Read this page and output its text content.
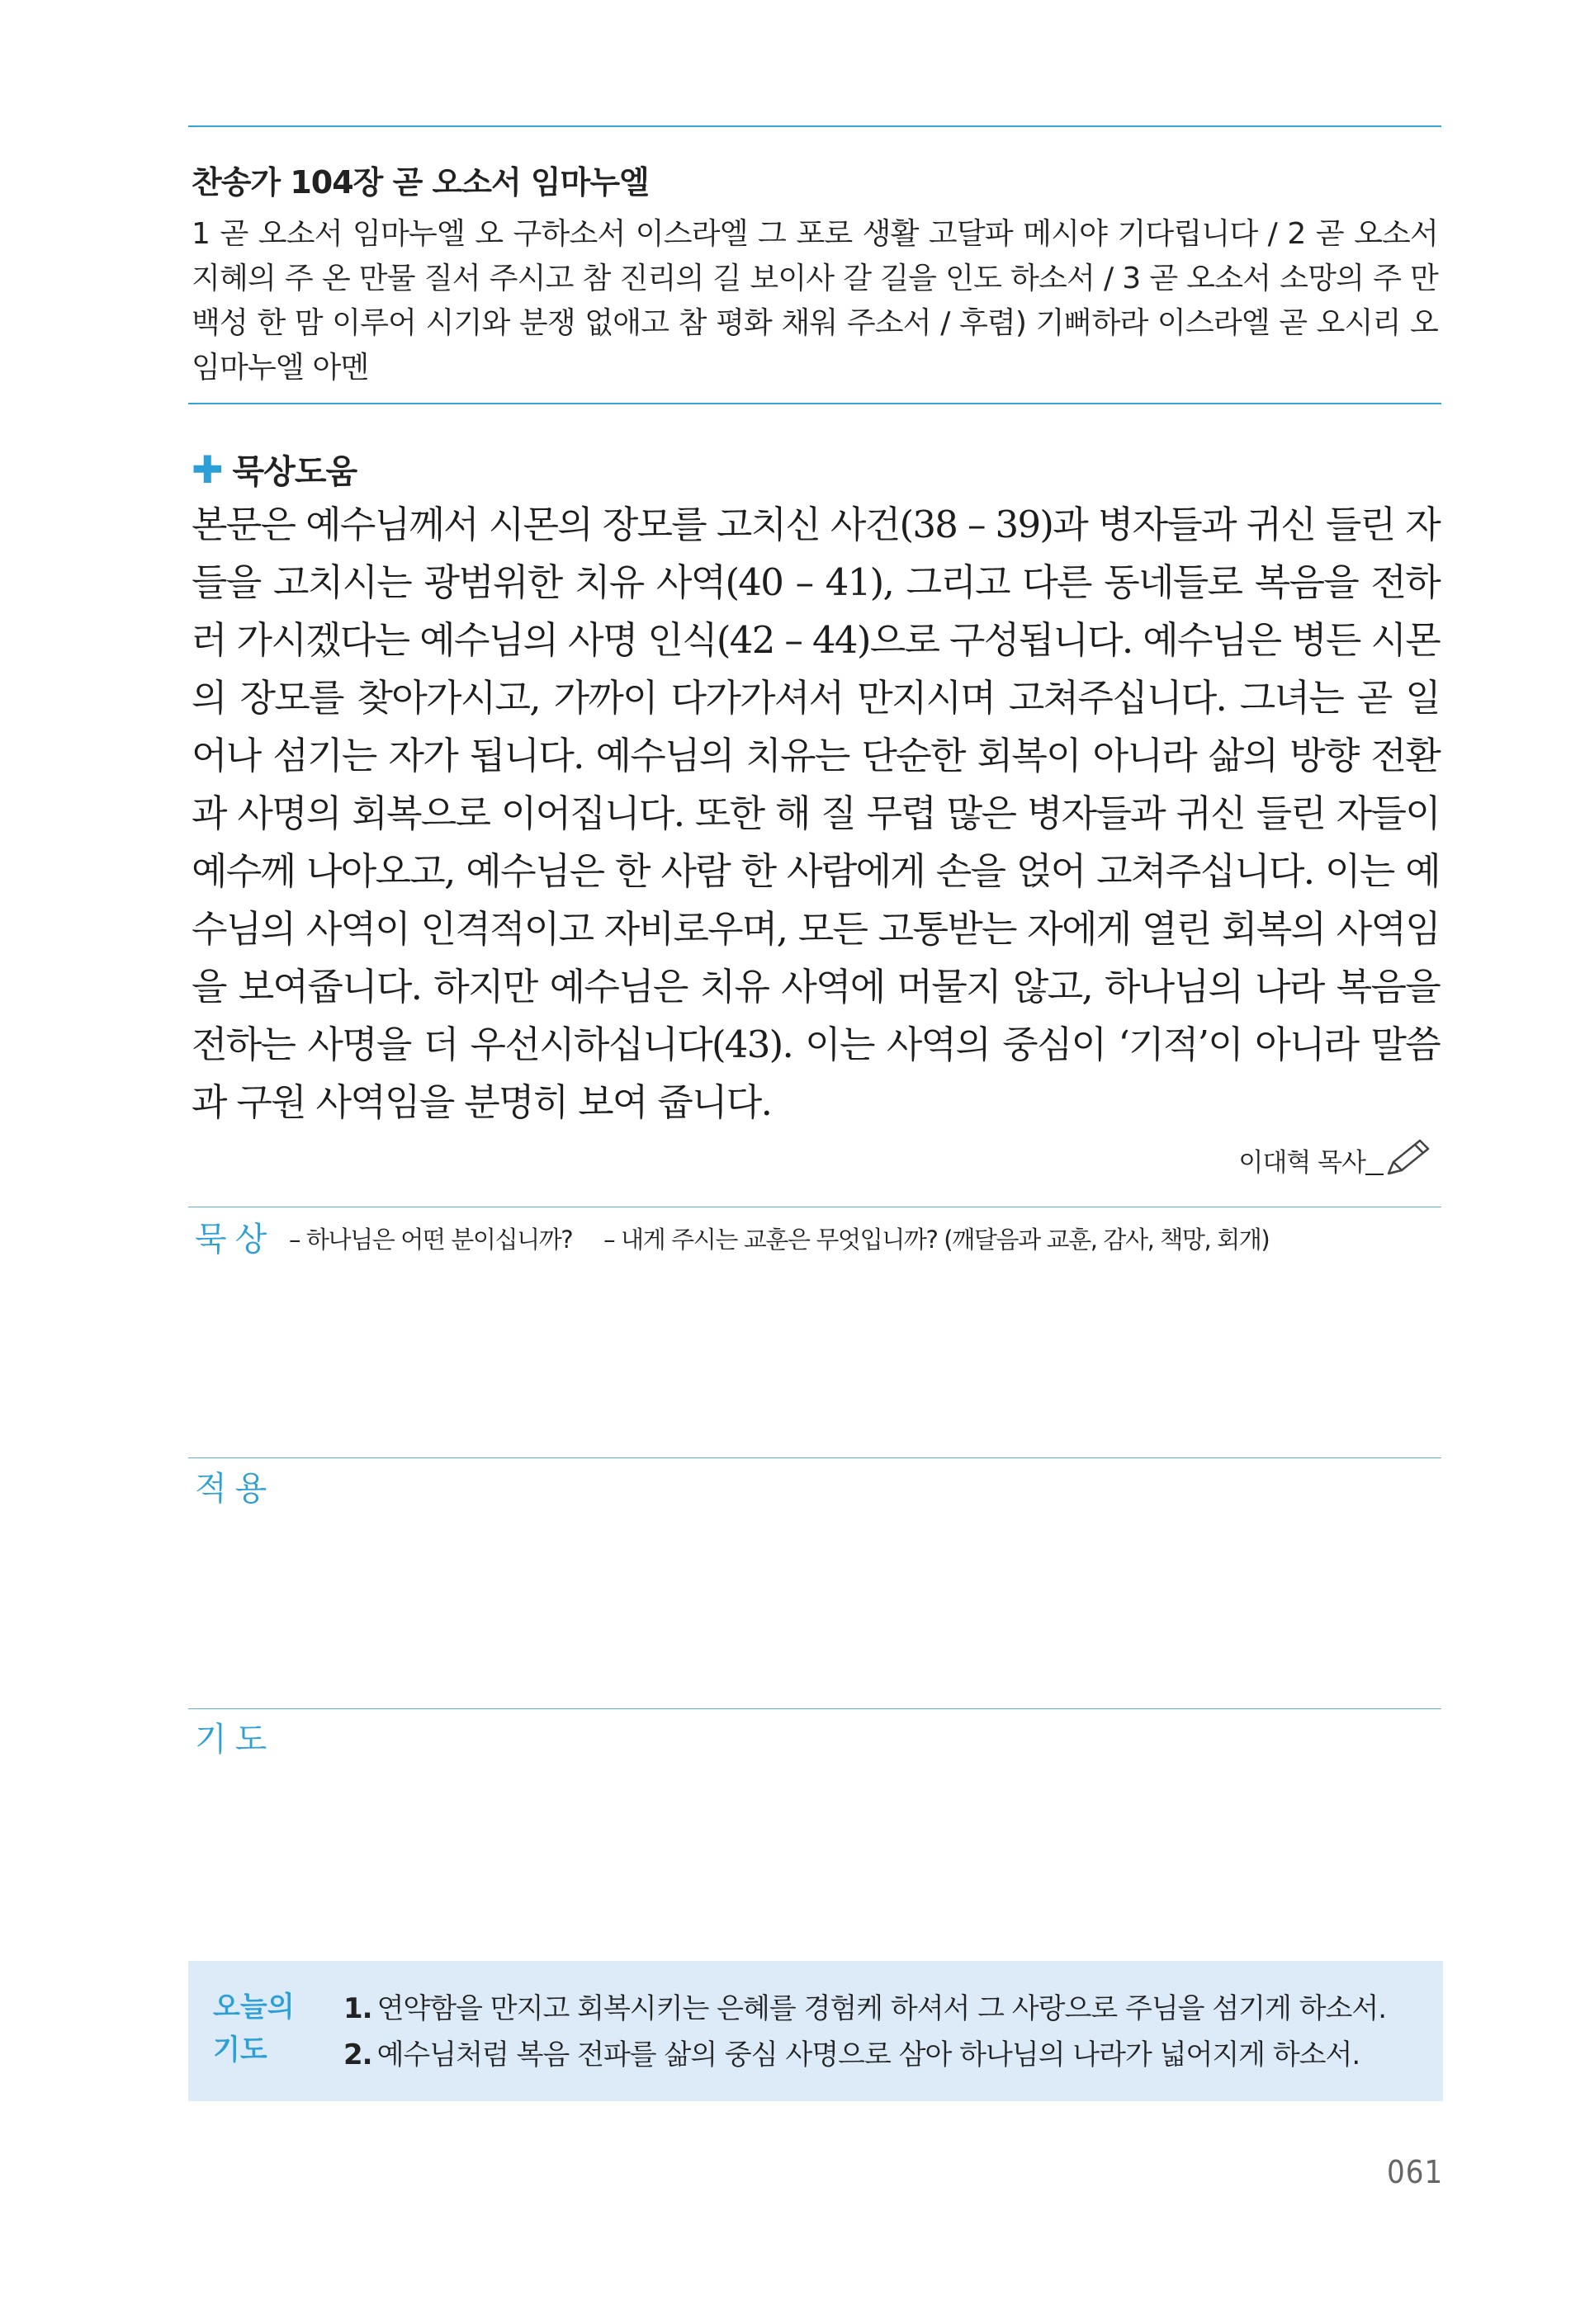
찬송가 104장 곧 오소서 임마누엘

1 곧 오소서 임마누엘 오 구하소서 이스라엘 그 포로 생활 고달파 메시야 기다립니다 / 2 곧 오소서 지혜의 주 온 만물 질서 주시고 참 진리의 길 보이사 갈 길을 인도 하소서 / 3 곧 오소서 소망의 주 만백성 한 맘 이루어 시기와 분쟁 없애고 참 평화 채워 주소서 / 후렴) 기뻐하라 이스라엘 곧 오시리 오 임마누엘 아멘

✚ 묵상도움

본문은 예수님께서 시몬의 장모를 고치신 사건(38 – 39)과 병자들과 귀신 들린 자들을 고치시는 광범위한 치유 사역(40 – 41), 그리고 다른 동네들로 복음을 전하러 가시겠다는 예수님의 사명 인식(42 – 44)으로 구성됩니다. 예수님은 병든 시몬의 장모를 찾아가시고, 가까이 다가가셔서 만지시며 고쳐주십니다. 그녀는 곧 일어나 섬기는 자가 됩니다. 예수님의 치유는 단순한 회복이 아니라 삶의 방향 전환과 사명의 회복으로 이어집니다. 또한 해 질 무렵 많은 병자들과 귀신 들린 자들이 예수께 나아오고, 예수님은 한 사람 한 사람에게 손을 얹어 고쳐주십니다. 이는 예수님의 사역이 인격적이고 자비로우며, 모든 고통받는 자에게 열린 회복의 사역임을 보여줍니다. 하지만 예수님은 치유 사역에 머물지 않고, 하나님의 나라 복음을 전하는 사명을 더 우선시하십니다(43). 이는 사역의 중심이 ‘기적’이 아니라 말씀과 구원 사역임을 분명히 보여 줍니다.

이대혁 목사
묵상 – 하나님은 어떤 분이십니까? – 내게 주시는 교훈은 무엇입니까? (깨달음과 교훈, 감사, 책망, 회개)
적용
기도
오늘의
기도
1. 연약함을 만지고 회복시키는 은혜를 경험케 하셔서 그 사랑으로 주님을 섬기게 하소서.
2. 예수님처럼 복음 전파를 삶의 중심 사명으로 삼아 하나님의 나라가 넓어지게 하소서.
061
